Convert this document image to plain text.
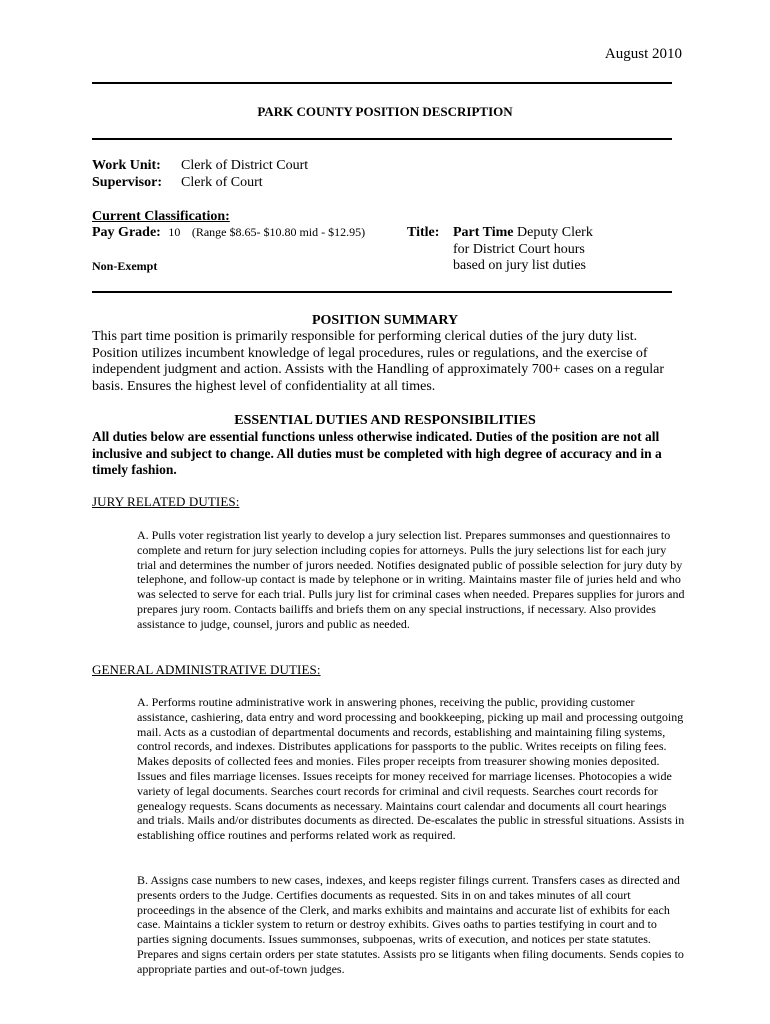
August 2010
PARK COUNTY POSITION DESCRIPTION
Work Unit: Clerk of District Court
Supervisor: Clerk of Court
Current Classification:
Pay Grade: 10 (Range $8.65- $10.80 mid - $12.95)
Non-Exempt
Title: Part Time Deputy Clerk
for District Court hours
based on jury list duties
POSITION SUMMARY
This part time position is primarily responsible for performing clerical duties of the jury duty list. Position utilizes incumbent knowledge of legal procedures, rules or regulations, and the exercise of independent judgment and action. Assists with the Handling of approximately 700+ cases on a regular basis. Ensures the highest level of confidentiality at all times.
ESSENTIAL DUTIES AND RESPONSIBILITIES
All duties below are essential functions unless otherwise indicated. Duties of the position are not all inclusive and subject to change. All duties must be completed with high degree of accuracy and in a timely fashion.
JURY RELATED DUTIES:
A. Pulls voter registration list yearly to develop a jury selection list. Prepares summonses and questionnaires to complete and return for jury selection including copies for attorneys. Pulls the jury selections list for each jury trial and determines the number of jurors needed. Notifies designated public of possible selection for jury duty by telephone, and follow-up contact is made by telephone or in writing. Maintains master file of juries held and who was selected to serve for each trial. Pulls jury list for criminal cases when needed. Prepares supplies for jurors and prepares jury room. Contacts bailiffs and briefs them on any special instructions, if necessary. Also provides assistance to judge, counsel, jurors and public as needed.
GENERAL ADMINISTRATIVE DUTIES:
A. Performs routine administrative work in answering phones, receiving the public, providing customer assistance, cashiering, data entry and word processing and bookkeeping, picking up mail and processing outgoing mail. Acts as a custodian of departmental documents and records, establishing and maintaining filing systems, control records, and indexes. Distributes applications for passports to the public. Writes receipts on filing fees. Makes deposits of collected fees and monies. Files proper receipts from treasurer showing monies deposited. Issues and files marriage licenses. Issues receipts for money received for marriage licenses. Photocopies a wide variety of legal documents. Searches court records for criminal and civil requests. Searches court records for genealogy requests. Scans documents as necessary. Maintains court calendar and documents all court hearings and trials. Mails and/or distributes documents as directed. De-escalates the public in stressful situations. Assists in establishing office routines and performs related work as required.
B. Assigns case numbers to new cases, indexes, and keeps register filings current. Transfers cases as directed and presents orders to the Judge. Certifies documents as requested. Sits in on and takes minutes of all court proceedings in the absence of the Clerk, and marks exhibits and maintains and accurate list of exhibits for each case. Maintains a tickler system to return or destroy exhibits. Gives oaths to parties testifying in court and to parties signing documents. Issues summonses, subpoenas, writs of execution, and notices per state statutes. Prepares and signs certain orders per state statutes. Assists pro se litigants when filing documents. Sends copies to appropriate parties and out-of-town judges.
